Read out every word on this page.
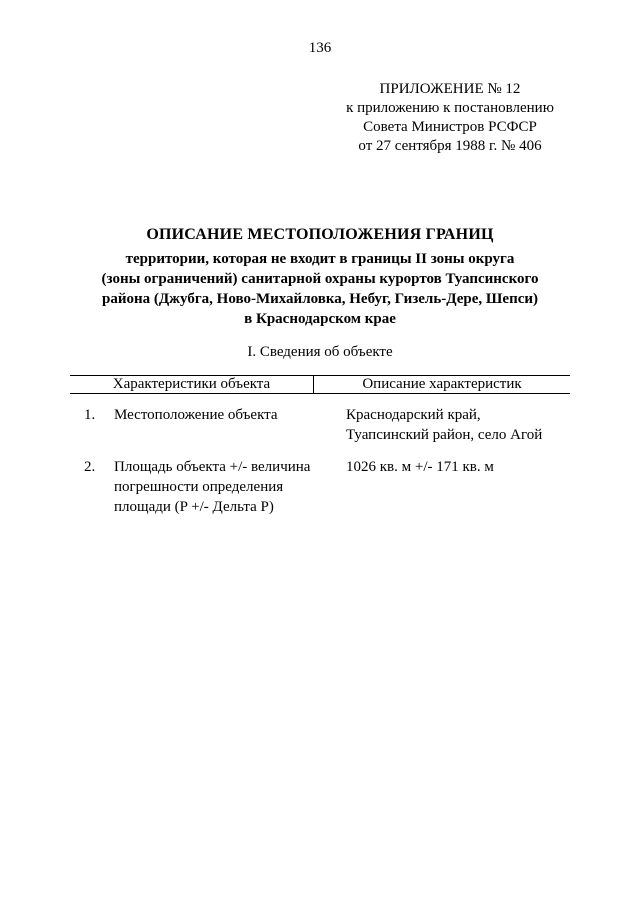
136
ПРИЛОЖЕНИЕ № 12
к приложению к постановлению
Совета Министров РСФСР
от 27 сентября 1988 г. № 406
ОПИСАНИЕ МЕСТОПОЛОЖЕНИЯ ГРАНИЦ
территории, которая не входит в границы II зоны округа
(зоны ограничений) санитарной охраны курортов Туапсинского
района (Джубга, Ново-Михайловка, Небуг, Гизель-Дере, Шепси)
в Краснодарском крае
I. Сведения об объекте
Характеристики объекта	Описание характеристик
1. Местоположение объекта	Краснодарский край,
Туапсинский район, село Агой
2. Площадь объекта +/- величина
погрешности определения
площади (P +/- Дельта P)
1026 кв. м +/- 171 кв. м
